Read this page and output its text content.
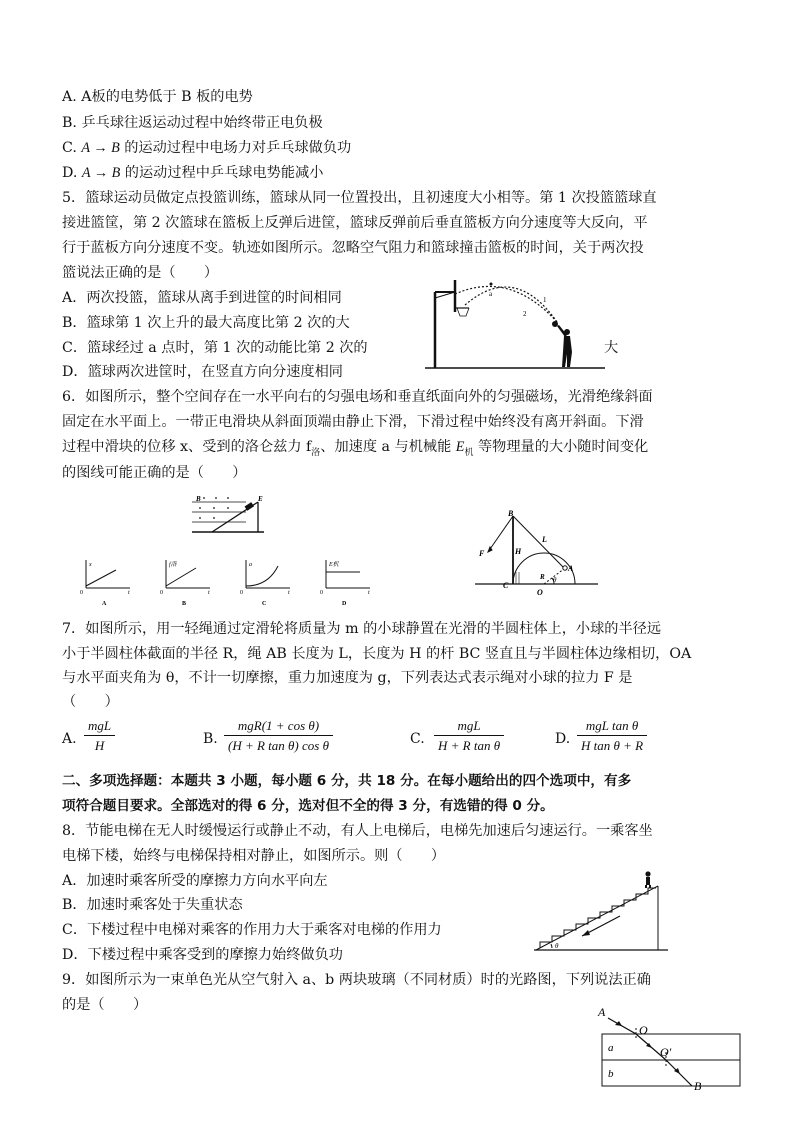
A. A板的电势低于 B 板的电势
B. 乒乓球往返运动过程中始终带正电负极
C. A → B 的运动过程中电场力对乒乓球做负功
D. A → B 的运动过程中乒乓球电势能减小
5．篮球运动员做定点投篮训练，篮球从同一位置投出，且初速度大小相等。第 1 次投篮篮球直
接进篮筐，第 2 次篮球在篮板上反弹后进筐，篮球反弹前后垂直篮板方向分速度等大反向，平
行于蓝板方向分速度不变。轨迹如图所示。忽略空气阻力和篮球撞击篮板的时间，关于两次投
篮说法正确的是（　　）
A．两次投篮，篮球从离手到进筐的时间相同
B．篮球第 1 次上升的最大高度比第 2 次的大
C．篮球经过 a 点时，第 1 次的动能比第 2 次的	大
D．篮球两次进筐时，在竖直方向分速度相同
a
1
2
6．如图所示，整个空间存在一水平向右的匀强电场和垂直纸面向外的匀强磁场，光滑绝缘斜面
固定在水平面上。一带正电滑块从斜面顶端由静止下滑，下滑过程中始终没有离开斜面。下滑
过程中滑块的位移 x、受到的洛仑兹力 $f_洛$、加速度 a 与机械能 $E_机$ 等物理量的大小随时间变化
的图线可能正确的是（　　）
B	E
x
t
0
A
f洛
t
0
B
a
t
0
C
E机
t
0
D
B
F	H
L
C
R θ
A
O
7．如图所示，用一轻绳通过定滑轮将质量为 m 的小球静置在光滑的半圆柱体上，小球的半径远
小于半圆柱体截面的半径 R，绳 AB 长度为 L，长度为 H 的杆 BC 竖直且与半圆柱体边缘相切，OA
与水平面夹角为 θ，不计一切摩擦，重力加速度为 g，下列表达式表示绳对小球的拉力 F 是
（　　）
A.
mgL
H	B.
mgR(1 + cos θ)
(H + R tan θ) cos θ	C.
mgL
H + R tan θ	D.
mgL tan θ
H tan θ + R
二、多项选择题：本题共 3 小题，每小题 6 分，共 18 分。在每小题给出的四个选项中，有多
项符合题目要求。全部选对的得 6 分，选对但不全的得 3 分，有选错的得 0 分。
8．节能电梯在无人时缓慢运行或静止不动，有人上电梯后，电梯先加速后匀速运行。一乘客坐
电梯下楼，始终与电梯保持相对静止，如图所示。则（　　）
A．加速时乘客所受的摩擦力方向水平向左
B．加速时乘客处于失重状态
C．下楼过程中电梯对乘客的作用力大于乘客对电梯的作用力
D．下楼过程中乘客受到的摩擦力始终做负功
θ
9．如图所示为一束单色光从空气射入 a、b 两块玻璃（不同材质）时的光路图，下列说法正确
的是（　　）	A
O
O′
a
b
B
